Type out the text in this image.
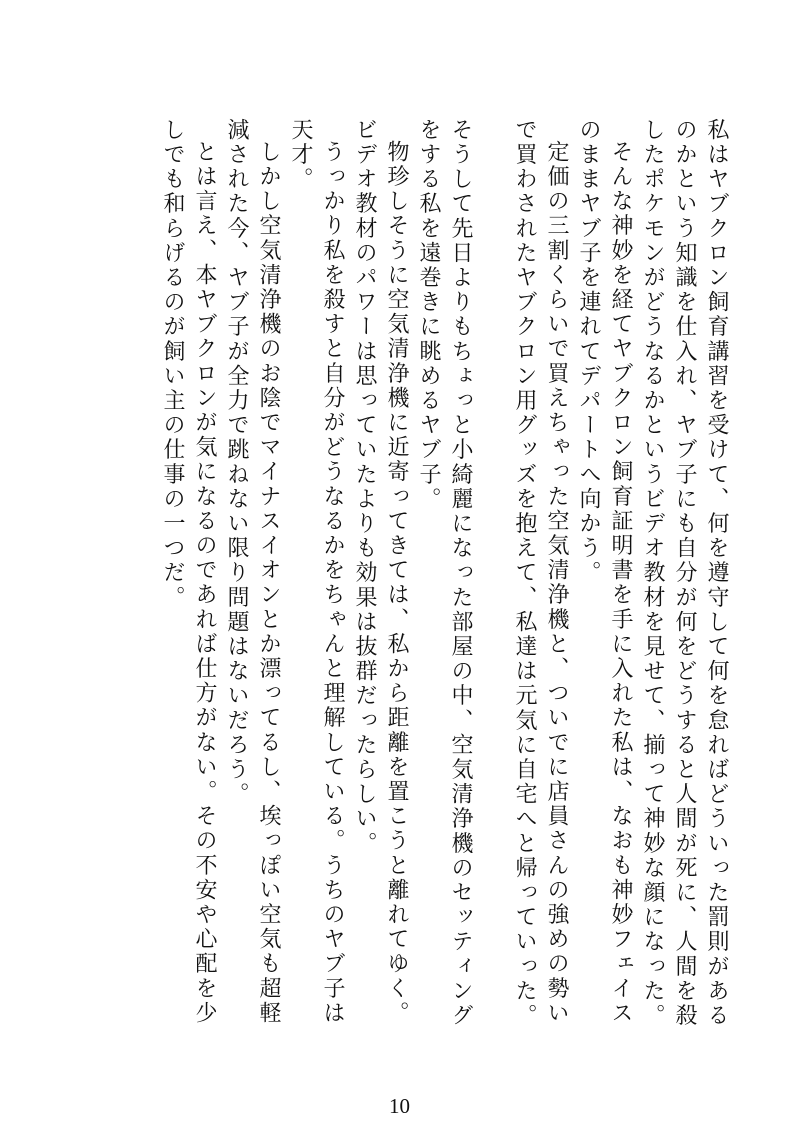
私はヤブクロン飼育講習を受けて、何を遵守して何を怠ればどういった罰則があるのかという知識を仕入れ、ヤブ子にも自分が何をどうすると人間が死に、人間を殺したポケモンがどうなるかというビデオ教材を見せて、揃って神妙な顔になった。

そんな神妙を経てヤブクロン飼育証明書を手に入れた私は、なおも神妙フェイスのままヤブ子を連れてデパートへ向かう。

定価の三割くらいで買えちゃった空気清浄機と、ついでに店員さんの強めの勢いで買わされたヤブクロン用グッズを抱えて、私達は元気に自宅へと帰っていった。

そうして先日よりもちょっと小綺麗になった部屋の中、空気清浄機のセッティングをする私を遠巻きに眺めるヤブ子。

物珍しそうに空気清浄機に近寄ってきては、私から距離を置こうと離れてゆく。ビデオ教材のパワーは思っていたよりも効果は抜群だったらしい。

うっかり私を殺すと自分がどうなるかをちゃんと理解している。うちのヤブ子は天才。

しかし空気清浄機のお陰でマイナスイオンとか漂ってるし、埃っぽい空気も超軽減された今、ヤブ子が全力で跳ねない限り問題はないだろう。

とは言え、本ヤブクロンが気になるのであれば仕方がない。その不安や心配を少しでも和らげるのが飼い主の仕事の一つだ。

10
